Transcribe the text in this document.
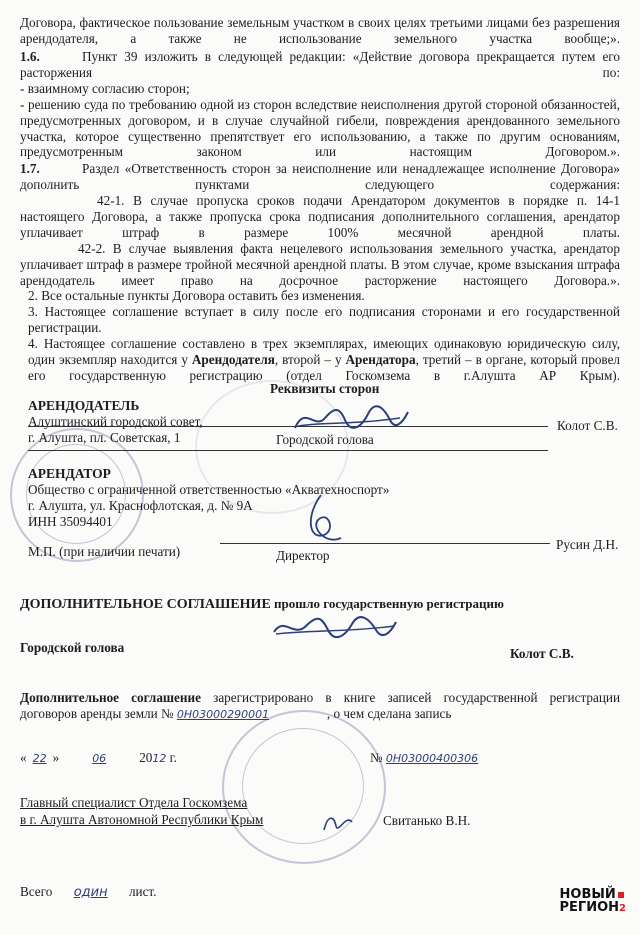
Договора, фактическое пользование земельным участком в своих целях третьими лицами без разрешения арендодателя, а также не использование земельного участка вообще;».
1.6.	Пункт 39 изложить в следующей редакции: «Действие договора прекращается путем его расторжения по:
- взаимному согласию сторон;
- решению суда по требованию одной из сторон вследствие неисполнения другой стороной обязанностей, предусмотренных договором, и в случае случайной гибели, повреждения арендованного земельного участка, которое существенно препятствует его использованию, а также по другим основаниям, предусмотренным законом или настоящим Договором.».
1.7.	Раздел «Ответственность сторон за неисполнение или ненадлежащее исполнение Договора» дополнить пунктами следующего содержания:
42-1. В случае пропуска сроков подачи Арендатором документов в порядке п. 14-1 настоящего Договора, а также пропуска срока подписания дополнительного соглашения, арендатор уплачивает штраф в размере 100% месячной арендной платы.
42-2. В случае выявления факта нецелевого использования земельного участка, арендатор уплачивает штраф в размере тройной месячной арендной платы. В этом случае, кроме взыскания штрафа арендодатель имеет право на досрочное расторжение настоящего Договора.».
2. Все остальные пункты Договора оставить без изменения.
3. Настоящее соглашение вступает в силу после его подписания сторонами и его государственной регистрации.
4. Настоящее соглашение составлено в трех экземплярах, имеющих одинаковую юридическую силу, один экземпляр находится у Арендодателя, второй – у Арендатора, третий – в органе, который провел его государственную регистрацию (отдел Госкомзема в г.Алушта АР Крым).
Реквизиты сторон
АРЕНДОДАТЕЛЬ
Алуштинский городской совет,
г. Алушта, пл. Советская, 1
Колот С.В.
Городской голова
АРЕНДАТОР
Общество с ограниченной ответственностью «Акватехноспорт»
г. Алушта, ул. Краснофлотская, д. № 9А
ИНН 35094401
М.П. (при наличии печати)	Директор
Русин Д.Н.
ДОПОЛНИТЕЛЬНОЕ СОГЛАШЕНИЕ прошло государственную регистрацию
Городской голова	Колот С.В.
Дополнительное соглашение зарегистрировано в книге записей государственной регистрации
договоров аренды земли № 0Н03000290001	, о чем сделана запись
« 22 »	06	2012 г.	№ 0Н03000400306
Главный специалист Отдела Госкомзема
в г. Алушта Автономной Республики Крым	Свитанько В.Н.
Всего один лист.	НОВЫЙ
РЕГИОН2
